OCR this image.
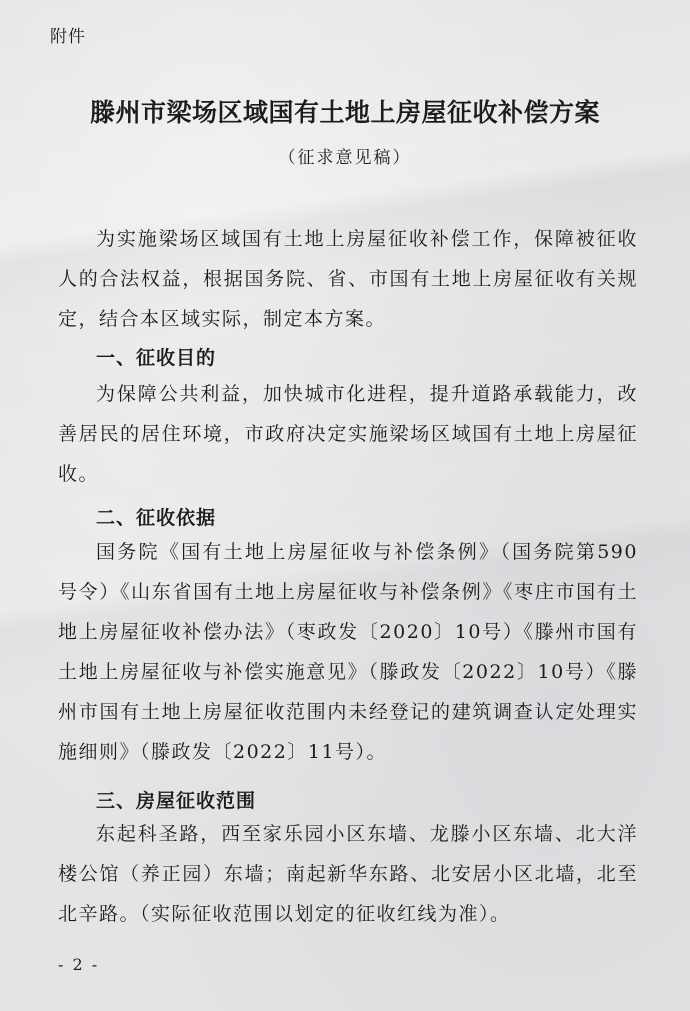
附件
滕州市梁场区域国有土地上房屋征收补偿方案
（征求意见稿）

为实施梁场区域国有土地上房屋征收补偿工作，保障被征收人的合法权益，根据国务院、省、市国有土地上房屋征收有关规定，结合本区域实际，制定本方案。

一、征收目的

为保障公共利益，加快城市化进程，提升道路承载能力，改善居民的居住环境，市政府决定实施梁场区域国有土地上房屋征收。

二、征收依据

国务院《国有土地上房屋征收与补偿条例》（国务院第590号令）《山东省国有土地上房屋征收与补偿条例》《枣庄市国有土地上房屋征收补偿办法》（枣政发〔2020〕10号）《滕州市国有土地上房屋征收与补偿实施意见》（滕政发〔2022〕10号）《滕州市国有土地上房屋征收范围内未经登记的建筑调查认定处理实施细则》（滕政发〔2022〕11号）。

三、房屋征收范围

东起科圣路，西至家乐园小区东墙、龙滕小区东墙、北大洋楼公馆（养正园）东墙；南起新华东路、北安居小区北墙，北至北辛路。（实际征收范围以划定的征收红线为准）。

- 2 -
